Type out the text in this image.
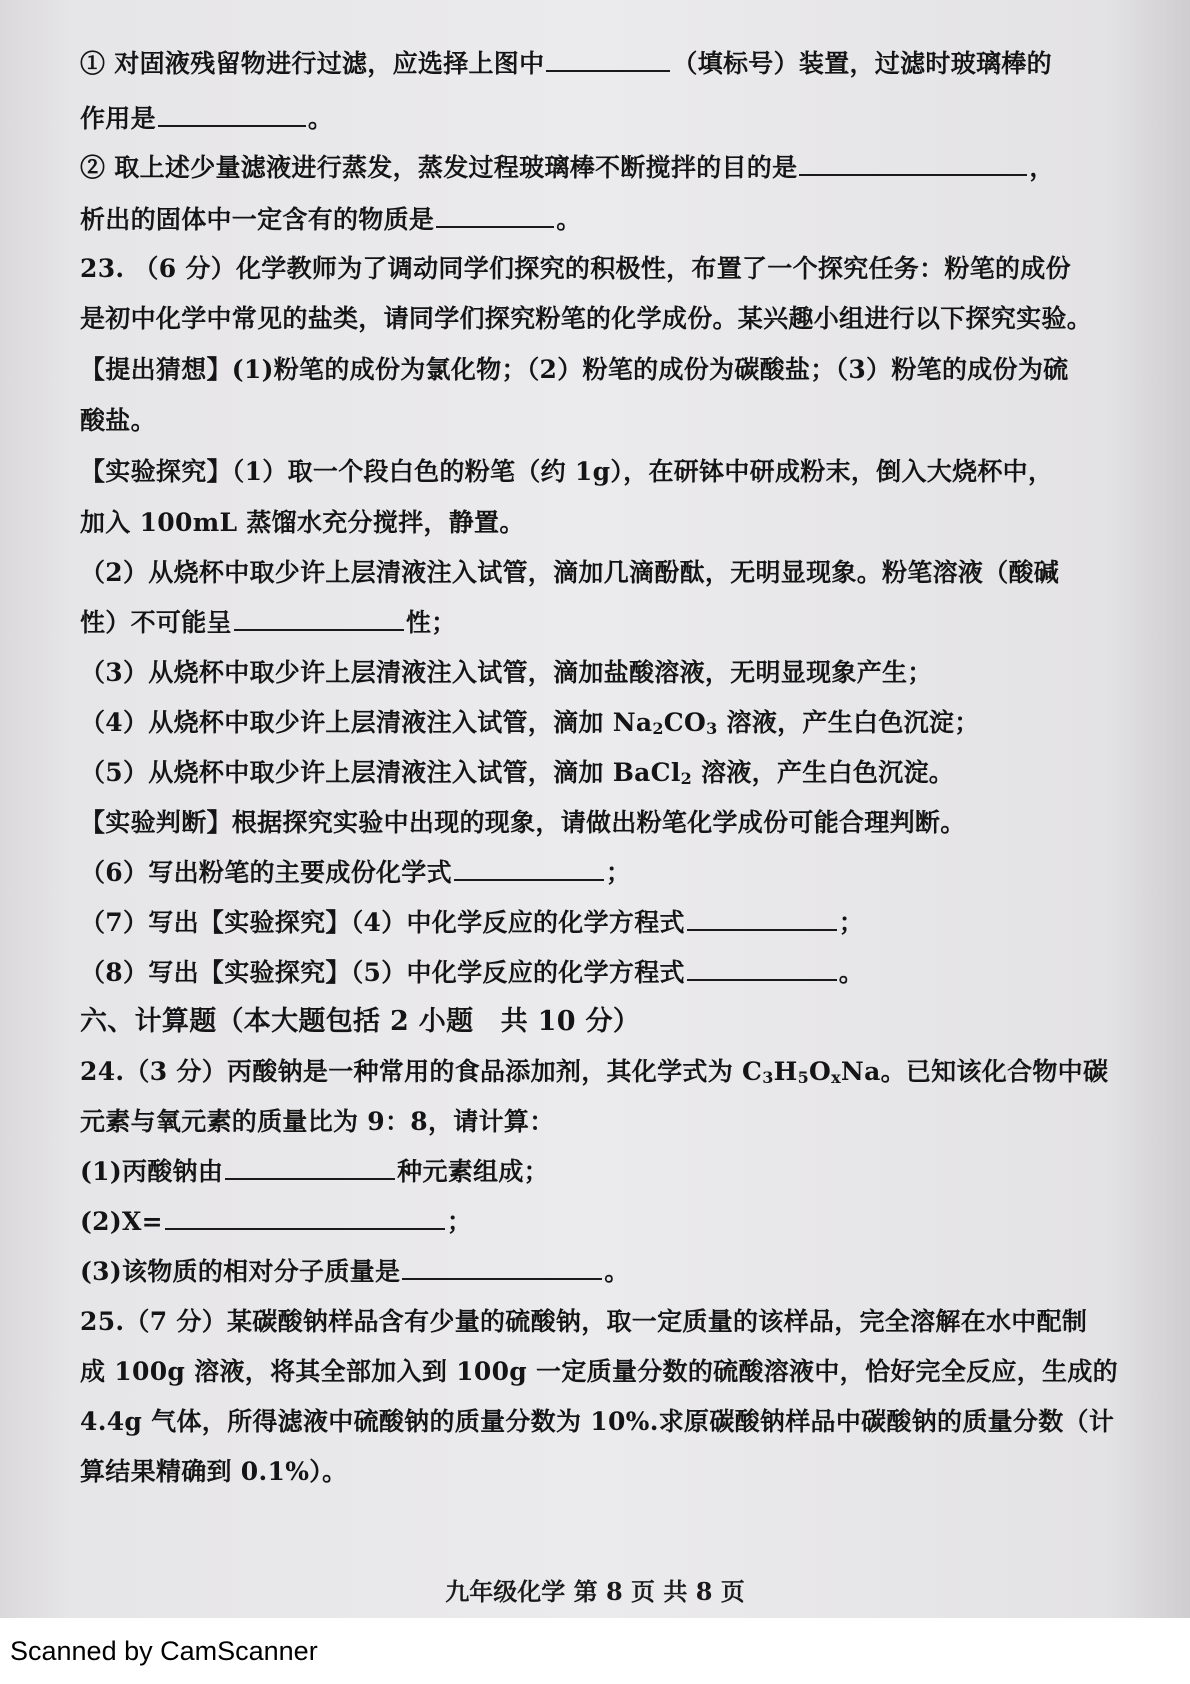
① 对固液残留物进行过滤，应选择上图中	（填标号）装置，过滤时玻璃棒的

作用是	。

② 取上述少量滤液进行蒸发，蒸发过程玻璃棒不断搅拌的目的是	，

析出的固体中一定含有的物质是	。

23. （6 分）化学教师为了调动同学们探究的积极性，布置了一个探究任务：粉笔的成份

是初中化学中常见的盐类，请同学们探究粉笔的化学成份。某兴趣小组进行以下探究实验。

【提出猜想】(1)粉笔的成份为氯化物；（2）粉笔的成份为碳酸盐；（3）粉笔的成份为硫

酸盐。

【实验探究】（1）取一个段白色的粉笔（约 1g），在研钵中研成粉末，倒入大烧杯中，

加入 100mL 蒸馏水充分搅拌，静置。

（2）从烧杯中取少许上层清液注入试管，滴加几滴酚酞，无明显现象。粉笔溶液（酸碱

性）不可能呈	性；

（3）从烧杯中取少许上层清液注入试管，滴加盐酸溶液，无明显现象产生；

（4）从烧杯中取少许上层清液注入试管，滴加 $Na_2CO_3$ 溶液，产生白色沉淀；

（5）从烧杯中取少许上层清液注入试管，滴加 BaCl$_2$ 溶液，产生白色沉淀。

【实验判断】根据探究实验中出现的现象，请做出粉笔化学成份可能合理判断。

（6）写出粉笔的主要成份化学式	；

（7）写出【实验探究】（4）中化学反应的化学方程式	；

（8）写出【实验探究】（5）中化学反应的化学方程式	。

六、计算题（本大题包括 2 小题　共 10 分）

24.（3 分）丙酸钠是一种常用的食品添加剂，其化学式为 $C_3H_5O_xNa$。已知该化合物中碳

元素与氧元素的质量比为 9：8，请计算：

(1)丙酸钠由	种元素组成；

(2)X=	；

(3)该物质的相对分子质量是	。

25.（7 分）某碳酸钠样品含有少量的硫酸钠，取一定质量的该样品，完全溶解在水中配制

成 100g 溶液，将其全部加入到 100g 一定质量分数的硫酸溶液中，恰好完全反应，生成的

4.4g 气体，所得滤液中硫酸钠的质量分数为 10%.求原碳酸钠样品中碳酸钠的质量分数（计

算结果精确到 0.1%）。

九年级化学 第 8 页 共 8 页

Scanned by CamScanner
